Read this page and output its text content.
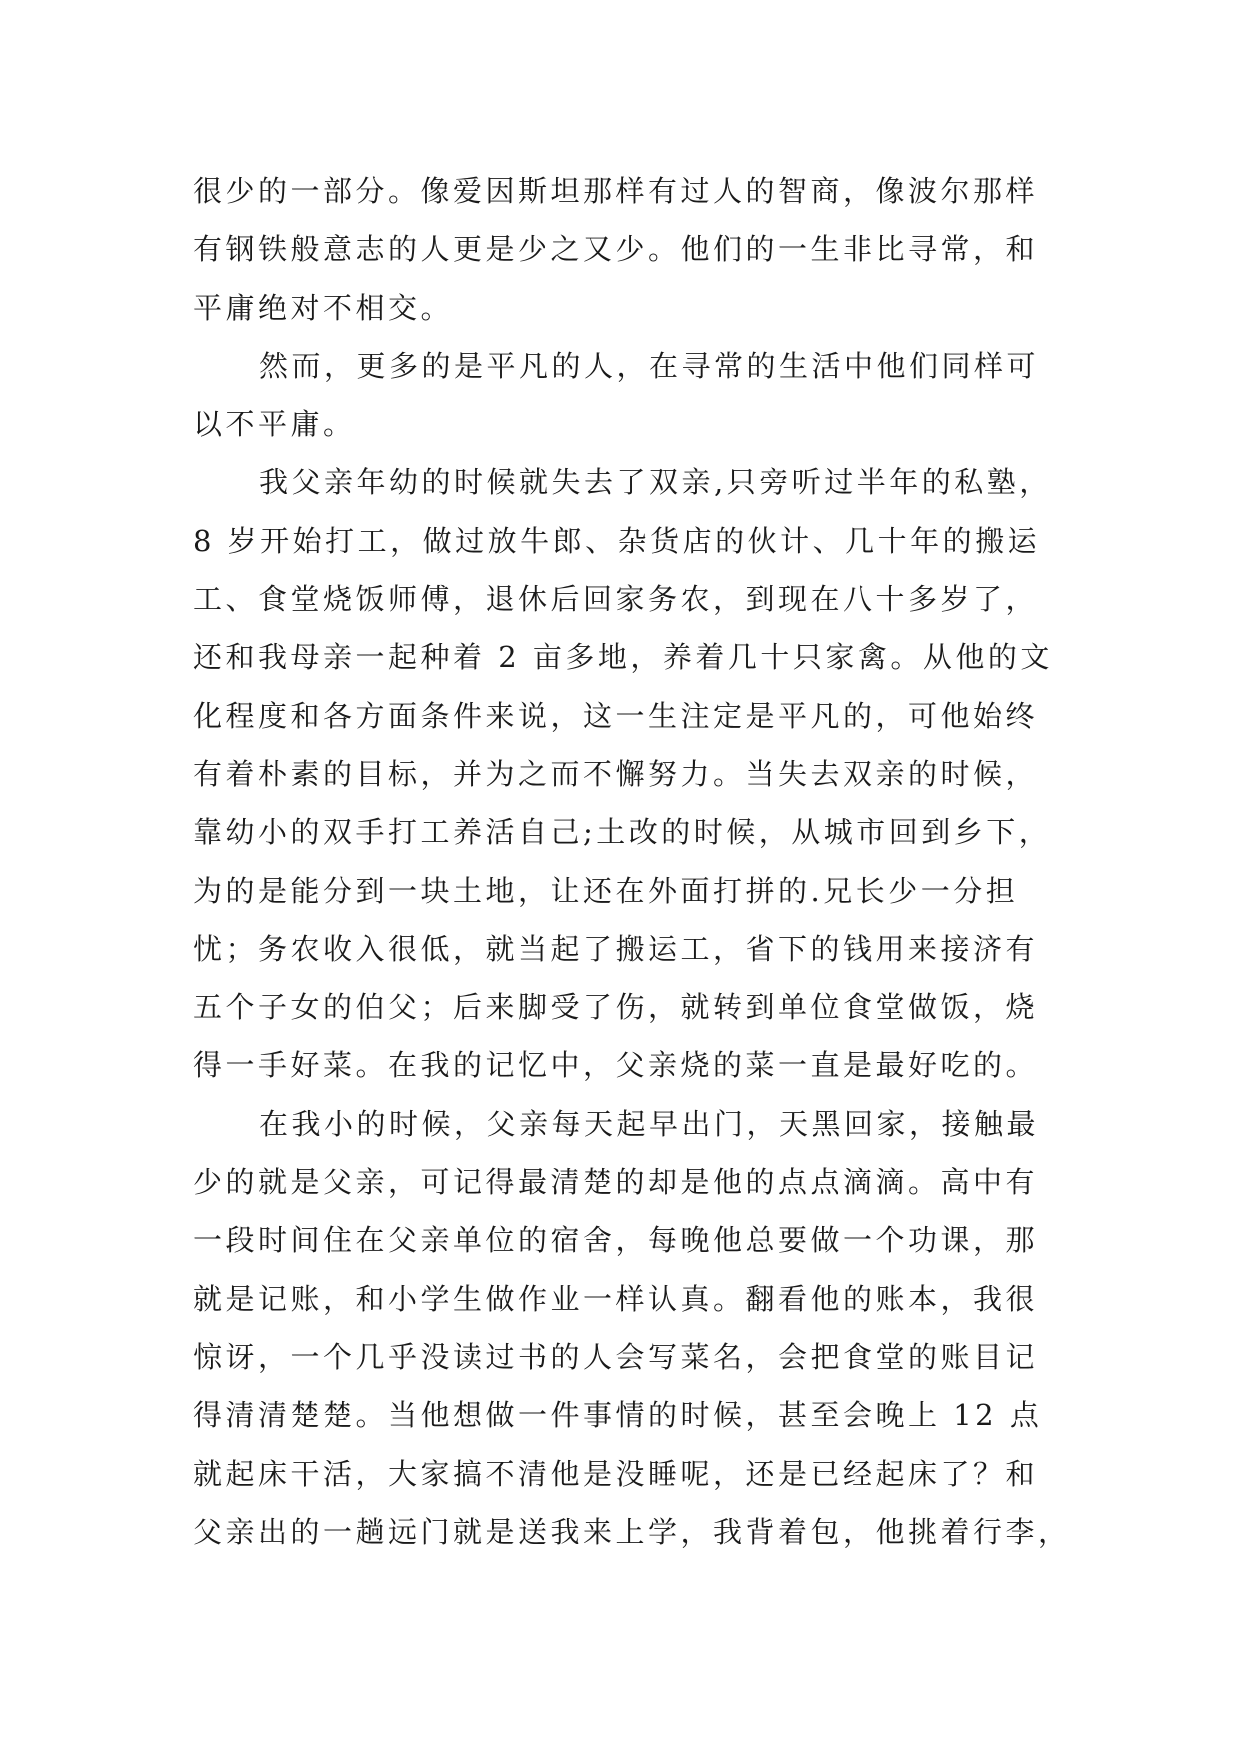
很少的一部分。像爱因斯坦那样有过人的智商，像波尔那样
有钢铁般意志的人更是少之又少。他们的一生非比寻常，和
平庸绝对不相交。
然而，更多的是平凡的人，在寻常的生活中他们同样可
以不平庸。
我父亲年幼的时候就失去了双亲,只旁听过半年的私塾，
8 岁开始打工，做过放牛郎、杂货店的伙计、几十年的搬运
工、食堂烧饭师傅，退休后回家务农，到现在八十多岁了，
还和我母亲一起种着 2 亩多地，养着几十只家禽。从他的文
化程度和各方面条件来说，这一生注定是平凡的，可他始终
有着朴素的目标，并为之而不懈努力。当失去双亲的时候，
靠幼小的双手打工养活自己;土改的时候，从城市回到乡下，
为的是能分到一块土地，让还在外面打拼的.兄长少一分担
忧；务农收入很低，就当起了搬运工，省下的钱用来接济有
五个子女的伯父；后来脚受了伤，就转到单位食堂做饭，烧
得一手好菜。在我的记忆中，父亲烧的菜一直是最好吃的。
在我小的时候，父亲每天起早出门，天黑回家，接触最
少的就是父亲，可记得最清楚的却是他的点点滴滴。高中有
一段时间住在父亲单位的宿舍，每晚他总要做一个功课，那
就是记账，和小学生做作业一样认真。翻看他的账本，我很
惊讶，一个几乎没读过书的人会写菜名，会把食堂的账目记
得清清楚楚。当他想做一件事情的时候，甚至会晚上 12 点
就起床干活，大家搞不清他是没睡呢，还是已经起床了？和
父亲出的一趟远门就是送我来上学，我背着包，他挑着行李，
